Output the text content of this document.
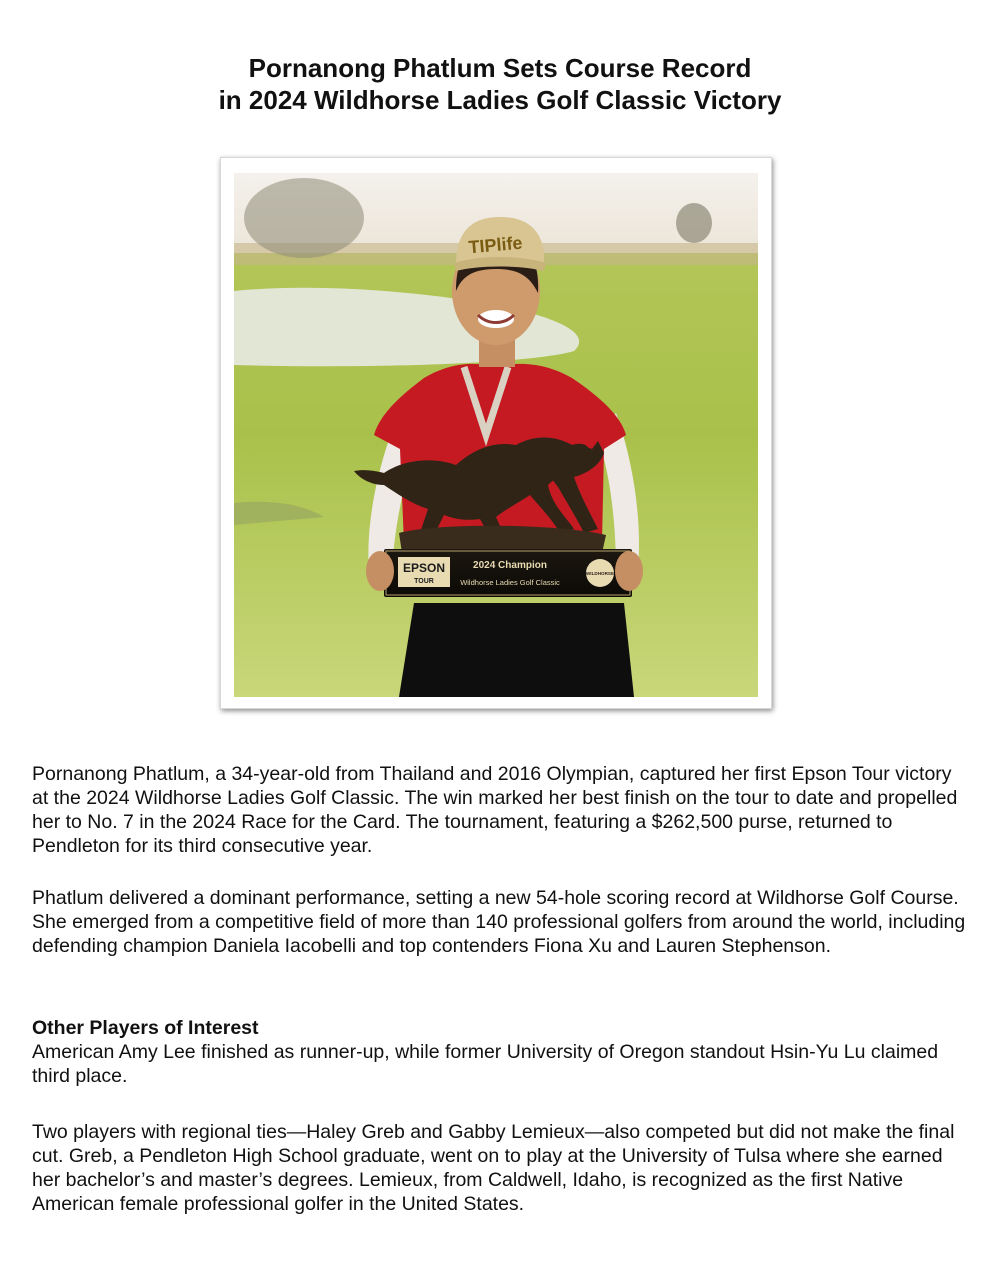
Pornanong Phatlum Sets Course Record
in 2024 Wildhorse Ladies Golf Classic Victory
TIPlife
EPSON
TOUR
2024 Champion
Wildhorse Ladies Golf Classic
WILDHORSE

Pornanong Phatlum, a 34-year-old from Thailand and 2016 Olympian, captured her first Epson Tour victory at the 2024 Wildhorse Ladies Golf Classic. The win marked her best finish on the tour to date and propelled her to No. 7 in the 2024 Race for the Card. The tournament, featuring a $262,500 purse, returned to Pendleton for its third consecutive year.

Phatlum delivered a dominant performance, setting a new 54-hole scoring record at Wildhorse Golf Course. She emerged from a competitive field of more than 140 professional golfers from around the world, including defending champion Daniela Iacobelli and top contenders Fiona Xu and Lauren Stephenson.

Other Players of Interest

American Amy Lee finished as runner-up, while former University of Oregon standout Hsin-Yu Lu claimed third place.

Two players with regional ties—Haley Greb and Gabby Lemieux—also competed but did not make the final cut. Greb, a Pendleton High School graduate, went on to play at the University of Tulsa where she earned her bachelor’s and master’s degrees. Lemieux, from Caldwell, Idaho, is recognized as the first Native American female professional golfer in the United States.
